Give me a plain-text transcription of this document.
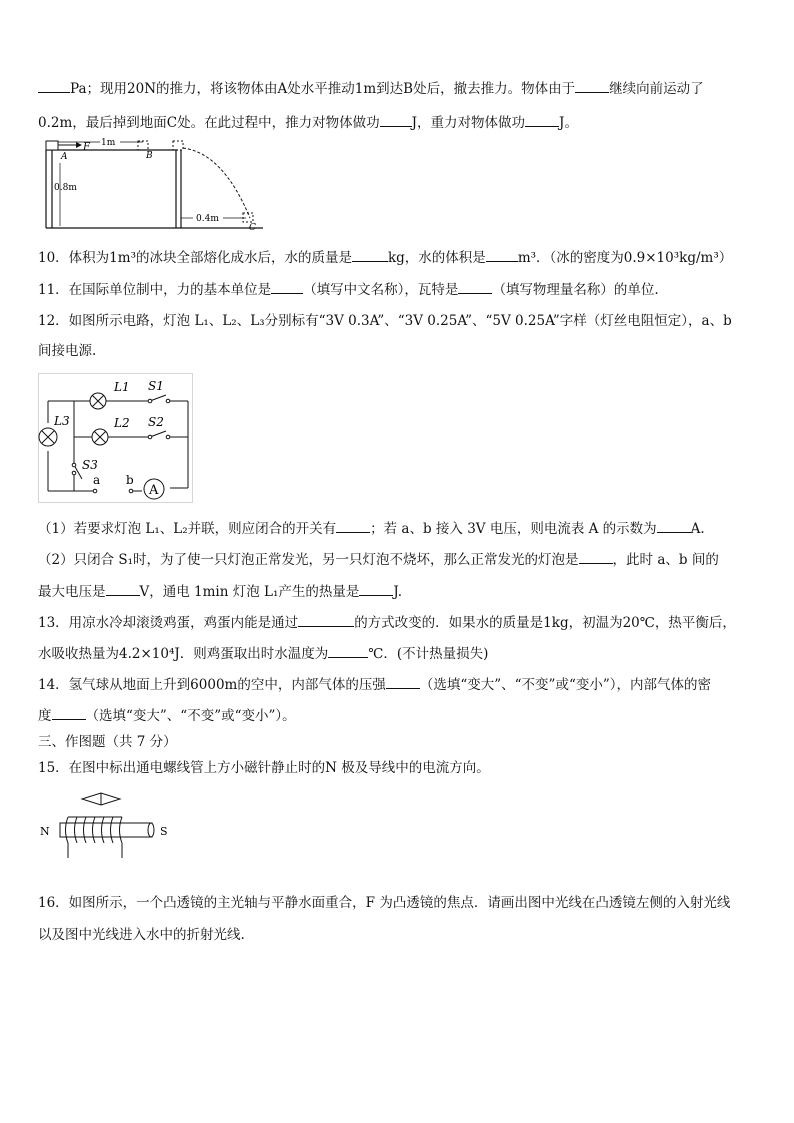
Pa；现用20N的推力，将该物体由A处水平推动1m到达B处后，撤去推力。物体由于	继续向前运动了
0.2m，最后掉到地面C处。在此过程中，推力对物体做功 J，重力对物体做功	J。
F
A	B
C
1m
0.8m
0.4m
10．体积为1m³的冰块全部熔化成水后，水的质量是	kg，水的体积是 m³．（冰的密度为0.9×10³kg/m³）
11．在国际单位制中，力的基本单位是 （填写中文名称），瓦特是	（填写物理量名称）的单位.
12．如图所示电路，灯泡 L₁、L₂、L₃分别标有“3V 0.3A”、“3V 0.25A”、“5V 0.25A”字样（灯丝电阻恒定），a、b
间接电源.
A
L1 S1
L2 S2
L3
S3
a b
（1）若要求灯泡 L₁、L₂并联，则应闭合的开关有	；若 a、b 接入 3V 电压，则电流表 A 的示数为	A.
（2）只闭合 S₁时，为了使一只灯泡正常发光，另一只灯泡不烧坏，那么正常发光的灯泡是	，此时 a、b 间的
最大电压是	V，通电 1min 灯泡 L₁产生的热量是	J.
13．用凉水冷却滚烫鸡蛋，鸡蛋内能是通过	的方式改变的．如果水的质量是1kg，初温为20℃，热平衡后，
水吸收热量为4.2×10⁴J．则鸡蛋取出时水温度为	℃．(不计热量损失)
14．氢气球从地面上升到6000m的空中，内部气体的压强	（选填“变大”、“不变”或“变小”），内部气体的密
度	（选填“变大”、“不变”或“变小”）。
三、作图题（共 7 分）
15．在图中标出通电螺线管上方小磁针静止时的N 极及导线中的电流方向。
N	S
16．如图所示，一个凸透镜的主光轴与平静水面重合，F 为凸透镜的焦点．请画出图中光线在凸透镜左侧的入射光线
以及图中光线进入水中的折射光线.
